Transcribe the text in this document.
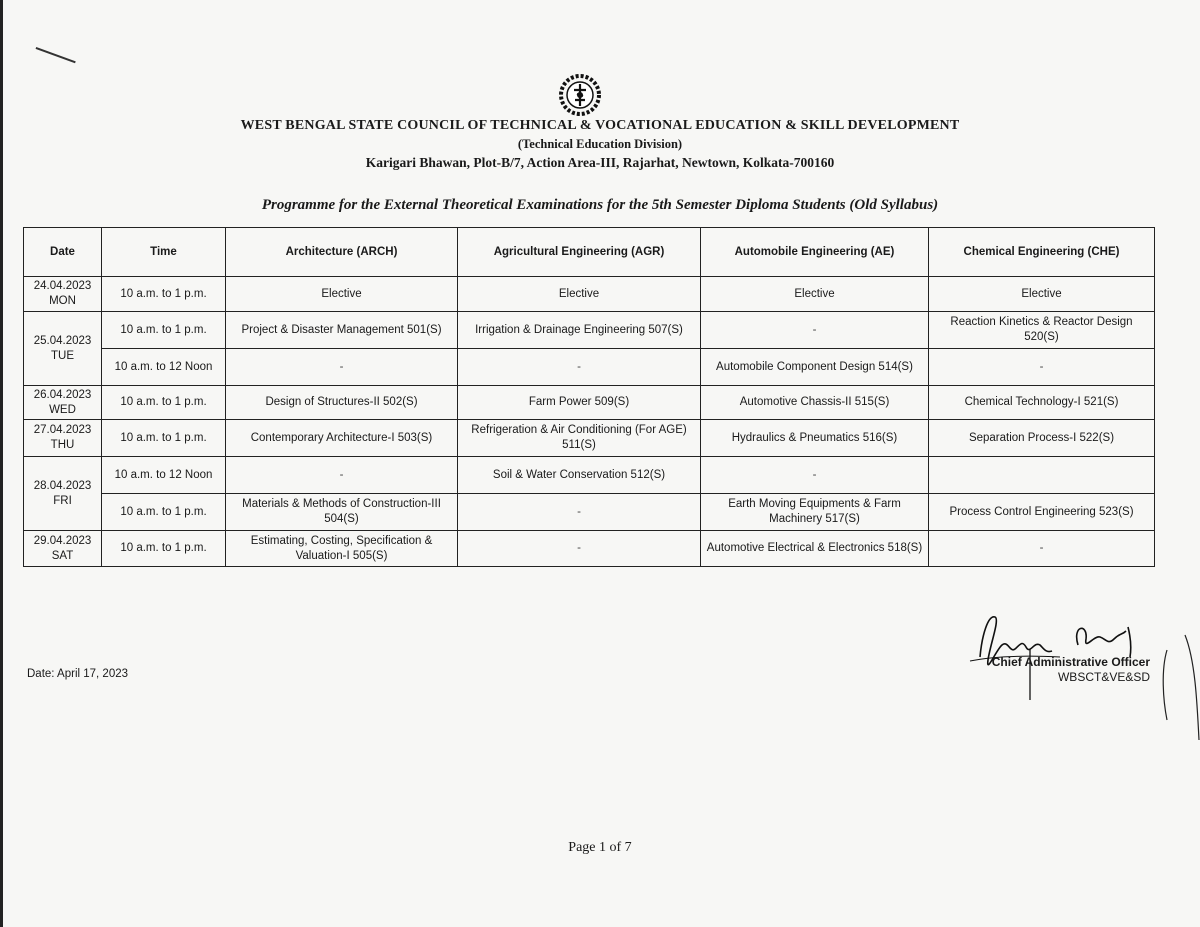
WEST BENGAL STATE COUNCIL OF TECHNICAL & VOCATIONAL EDUCATION & SKILL DEVELOPMENT
(Technical Education Division)
Karigari Bhawan, Plot-B/7, Action Area-III, Rajarhat, Newtown, Kolkata-700160
Programme for the External Theoretical Examinations for the 5th Semester Diploma Students (Old Syllabus)
Date	Time	Architecture (ARCH)	Agricultural Engineering (AGR)	Automobile Engineering (AE)	Chemical Engineering (CHE)
24.04.2023
MON	10 a.m. to 1 p.m.	Elective	Elective	Elective	Elective
25.04.2023
TUE	10 a.m. to 1 p.m.	Project & Disaster Management 501(S)	Irrigation & Drainage Engineering 507(S)	-	Reaction Kinetics & Reactor Design 520(S)
	10 a.m. to 12 Noon	-	-	Automobile Component Design 514(S)	-
26.04.2023
WED	10 a.m. to 1 p.m.	Design of Structures-II 502(S)	Farm Power 509(S)	Automotive Chassis-II 515(S)	Chemical Technology-I 521(S)
27.04.2023
THU	10 a.m. to 1 p.m.	Contemporary Architecture-I 503(S)	Refrigeration & Air Conditioning (For AGE) 511(S)	Hydraulics & Pneumatics 516(S)	Separation Process-I 522(S)
28.04.2023
FRI	10 a.m. to 12 Noon	-	Soil & Water Conservation 512(S)	-	
	10 a.m. to 1 p.m.	Materials & Methods of Construction-III 504(S)	-	Earth Moving Equipments & Farm Machinery 517(S)	Process Control Engineering 523(S)
29.04.2023
SAT	10 a.m. to 1 p.m.	Estimating, Costing, Specification & Valuation-I 505(S)	-	Automotive Electrical & Electronics 518(S)	-
Date: April 17, 2023
Chief Administrative Officer
WBSCT&VE&SD
Page 1 of 7
